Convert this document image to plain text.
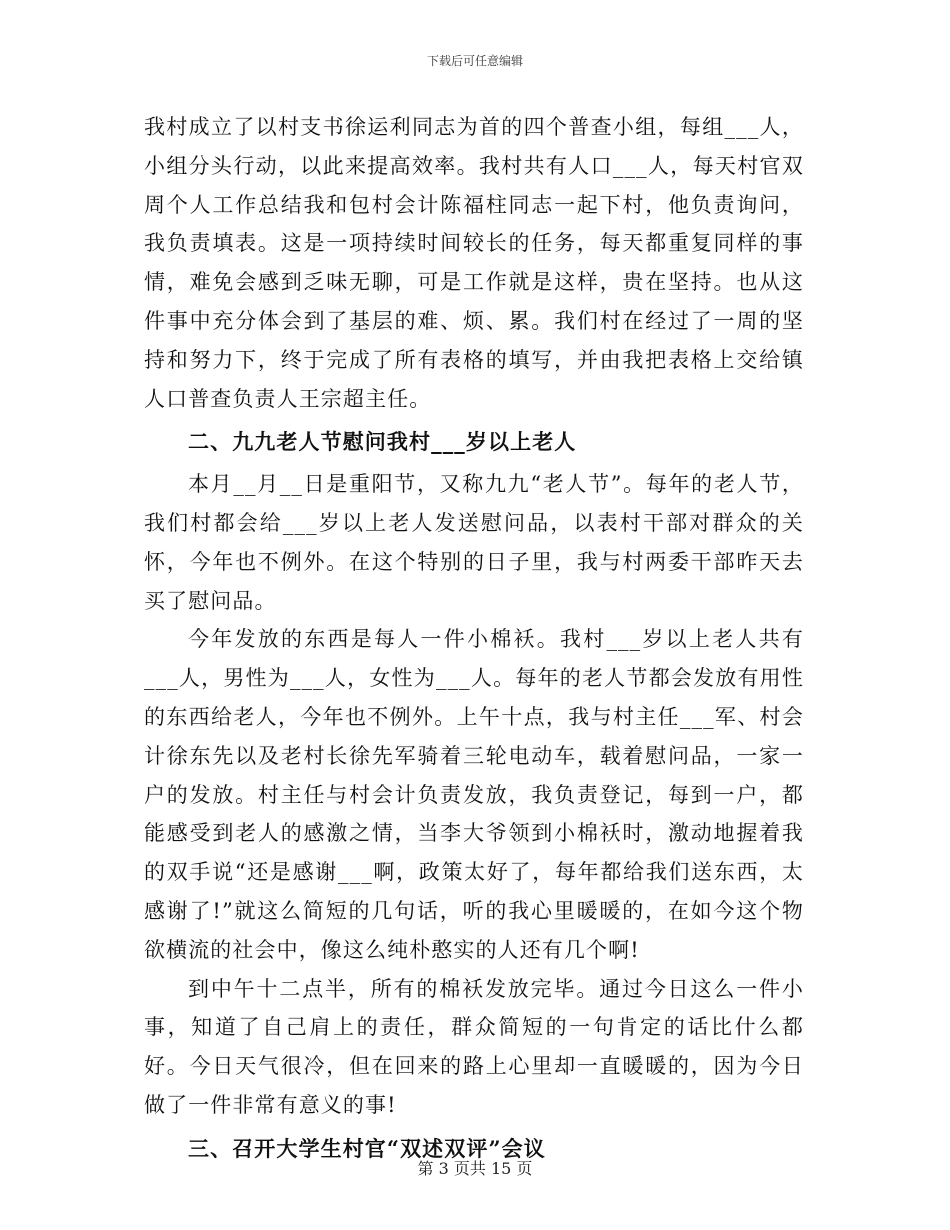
下载后可任意编辑

我村成立了以村支书徐运利同志为首的四个普查小组，每组___人，小组分头行动，以此来提高效率。我村共有人口___人，每天村官双周个人工作总结我和包村会计陈福柱同志一起下村，他负责询问，我负责填表。这是一项持续时间较长的任务，每天都重复同样的事情，难免会感到乏味无聊，可是工作就是这样，贵在坚持。也从这件事中充分体会到了基层的难、烦、累。我们村在经过了一周的坚持和努力下，终于完成了所有表格的填写，并由我把表格上交给镇人口普查负责人王宗超主任。

二、九九老人节慰问我村___岁以上老人

本月__月__日是重阳节，又称九九“老人节”。每年的老人节，我们村都会给___岁以上老人发送慰问品，以表村干部对群众的关怀，今年也不例外。在这个特别的日子里，我与村两委干部昨天去买了慰问品。

今年发放的东西是每人一件小棉袄。我村___岁以上老人共有___人，男性为___人，女性为___人。每年的老人节都会发放有用性的东西给老人，今年也不例外。上午十点，我与村主任___军、村会计徐东先以及老村长徐先军骑着三轮电动车，载着慰问品，一家一户的发放。村主任与村会计负责发放，我负责登记，每到一户，都能感受到老人的感激之情，当李大爷领到小棉袄时，激动地握着我的双手说“还是感谢___啊，政策太好了，每年都给我们送东西，太感谢了!”就这么简短的几句话，听的我心里暖暖的，在如今这个物欲横流的社会中，像这么纯朴憨实的人还有几个啊!

到中午十二点半，所有的棉袄发放完毕。通过今日这么一件小事，知道了自己肩上的责任，群众简短的一句肯定的话比什么都好。今日天气很冷，但在回来的路上心里却一直暖暖的，因为今日做了一件非常有意义的事!

三、召开大学生村官“双述双评”会议

第 3 页共 15 页
